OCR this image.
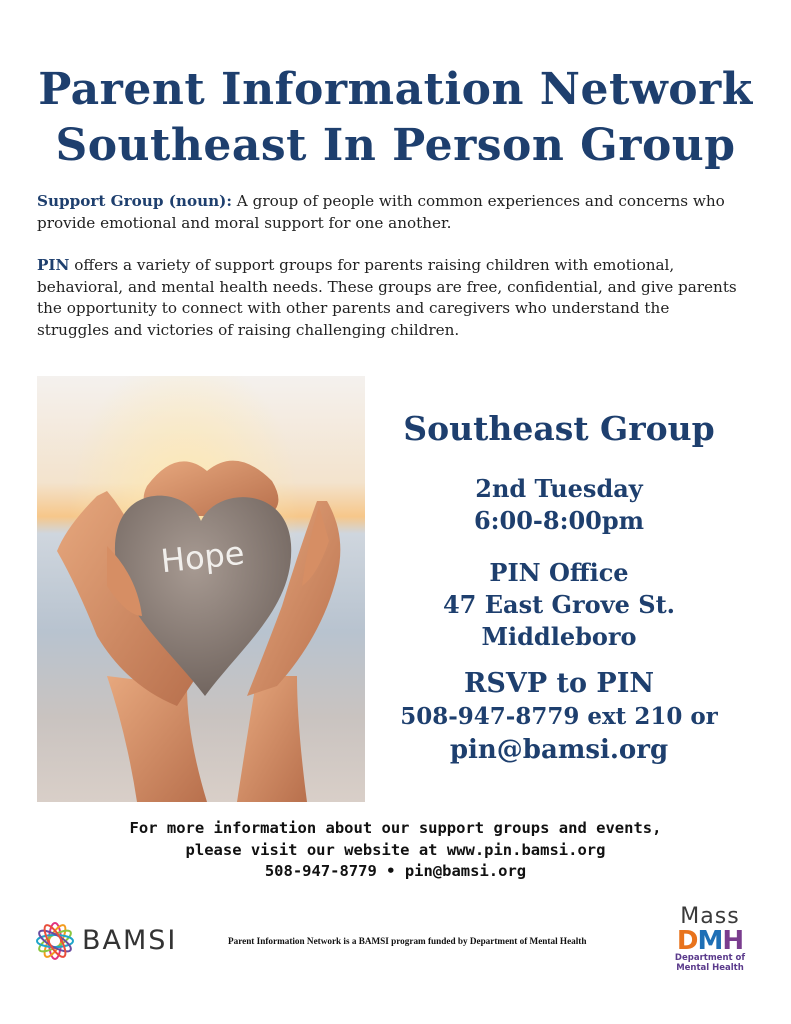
Parent Information Network
Southeast In Person Group
Support Group (noun): A group of people with common experiences and concerns who provide emotional and moral support for one another.
PIN offers a variety of support groups for parents raising children with emotional, behavioral, and mental health needs. These groups are free, confidential, and give parents the opportunity to connect with other parents and caregivers who understand the struggles and victories of raising challenging children.
Hope
Southeast Group
2nd Tuesday
6:00-8:00pm
PIN Office
47 East Grove St.
Middleboro
RSVP to PIN
508-947-8779 ext 210 or
pin@bamsi.org
For more information about our support groups and events,
please visit our website at www.pin.bamsi.org
508-947-8779 • pin@bamsi.org
BAMSI	Parent Information Network is a BAMSI program funded by Department of Mental Health
Mass
DMH
Department of
Mental Health
